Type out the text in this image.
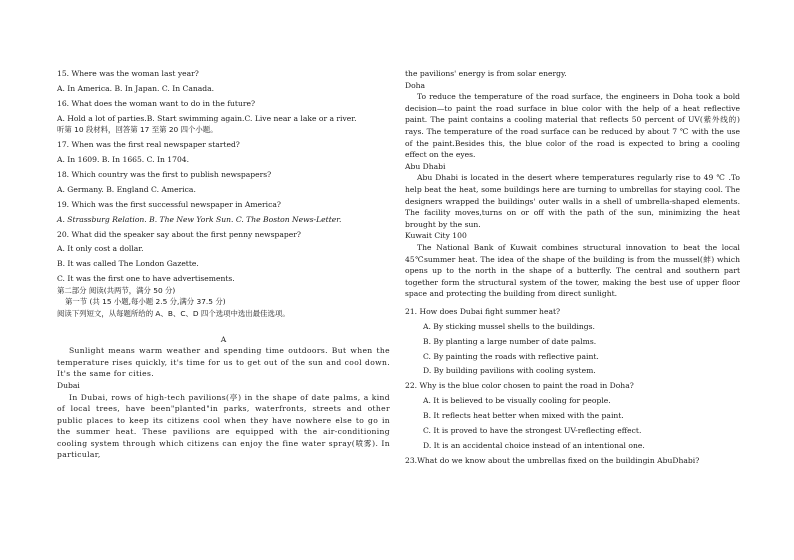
15. Where was the woman last year?
A. In America. B. In Japan. C. In Canada.
16. What does the woman want to do in the future?
A. Hold a lot of parties.B. Start swimming again.C. Live near a lake or a river.
听第 10 段材料，回答第 17 至第 20 四个小题。
17. When was the first real newspaper started?
A. In 1609. B. In 1665. C. In 1704.
18. Which country was the first to publish newspapers?
A. Germany. B. England C. America.
19. Which was the first successful newspaper in America?
A. Strassburg Relation. B. The New York Sun. C. The Boston News-Letter.
20. What did the speaker say about the first penny newspaper?
A. It only cost a dollar.
B. It was called The London Gazette.
C. It was the first one to have advertisements.
第二部分 阅读(共两节，满分 50 分)
第一节 (共 15 小题,每小题 2.5 分,满分 37.5 分)
阅读下列短文，从每题所给的 A、B、C、D 四个选项中选出最佳选项。
A
Sunlight means warm weather and spending time outdoors. But when the temperature rises quickly, it's time for us to get out of the sun and cool down. It's the same for cities.
Dubai
In Dubai, rows of high-tech pavilions(亭) in the shape of date palms, a kind of local trees, have been"planted"in parks, waterfronts, streets and other public places to keep its citizens cool when they have nowhere else to go in the summer heat. These pavilions are equipped with the air-conditioning cooling system through which citizens can enjoy the fine water spray(喷雾). In particular,
the pavilions' energy is from solar energy.
Doha
To reduce the temperature of the road surface, the engineers in Doha took a bold decision—to paint the road surface in blue color with the help of a heat reflective paint. The paint contains a cooling material that reflects 50 percent of UV(紫外线的) rays. The temperature of the road surface can be reduced by about 7 ℃ with the use of the paint.Besides this, the blue color of the road is expected to bring a cooling effect on the eyes.
Abu Dhabi
Abu Dhabi is located in the desert where temperatures regularly rise to 49 ℃ .To help beat the heat, some buildings here are turning to umbrellas for staying cool. The designers wrapped the buildings' outer walls in a shell of umbrella-shaped elements. The facility moves,turns on or off with the path of the sun, minimizing the heat brought by the sun.
Kuwait City 100
The National Bank of Kuwait combines structural innovation to beat the local 45℃summer heat. The idea of the shape of the building is from the mussel(蚌) which opens up to the north in the shape of a butterfly. The central and southern part together form the structural system of the tower, making the best use of upper floor space and protecting the building from direct sunlight.
21. How does Dubai fight summer heat?
A. By sticking mussel shells to the buildings.
B. By planting a large number of date palms.
C. By painting the roads with reflective paint.
D. By building pavilions with cooling system.
22. Why is the blue color chosen to paint the road in Doha?
A. It is believed to be visually cooling for people.
B. It reflects heat better when mixed with the paint.
C. It is proved to have the strongest UV-reflecting effect.
D. It is an accidental choice instead of an intentional one.
23.What do we know about the umbrellas fixed on the buildingin AbuDhabi?
